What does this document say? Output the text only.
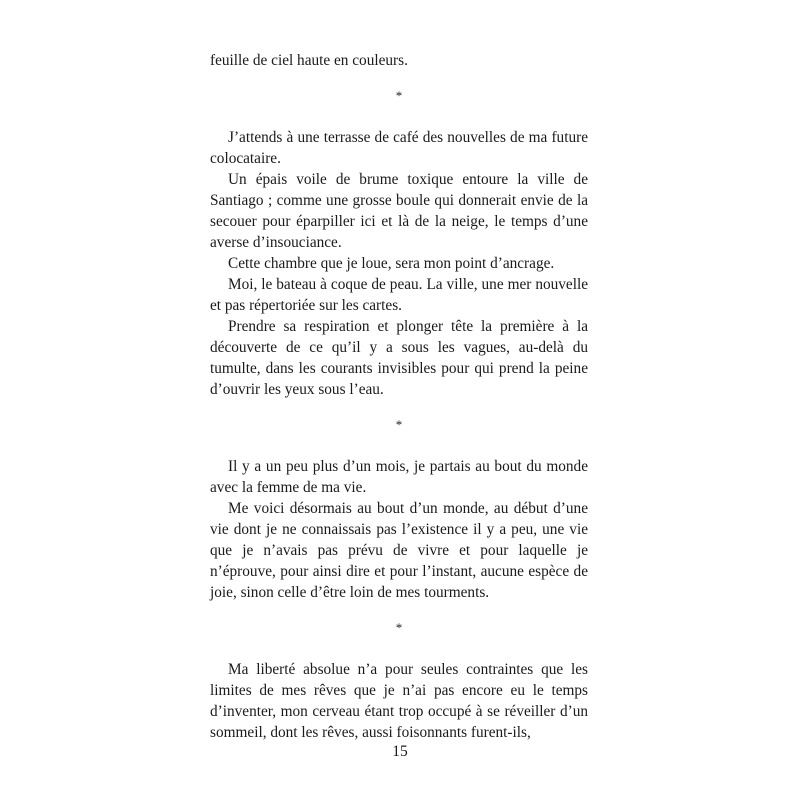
feuille de ciel haute en couleurs.

*

J’attends à une terrasse de café des nouvelles de ma future colocataire.

Un épais voile de brume toxique entoure la ville de Santiago ; comme une grosse boule qui donnerait envie de la secouer pour éparpiller ici et là de la neige, le temps d’une averse d’insouciance.

Cette chambre que je loue, sera mon point d’ancrage.

Moi, le bateau à coque de peau. La ville, une mer nouvelle et pas répertoriée sur les cartes.

Prendre sa respiration et plonger tête la première à la découverte de ce qu’il y a sous les vagues, au-delà du tumulte, dans les courants invisibles pour qui prend la peine d’ouvrir les yeux sous l’eau.

*

Il y a un peu plus d’un mois, je partais au bout du monde avec la femme de ma vie.

Me voici désormais au bout d’un monde, au début d’une vie dont je ne connaissais pas l’existence il y a peu, une vie que je n’avais pas prévu de vivre et pour laquelle je n’éprouve, pour ainsi dire et pour l’instant, aucune espèce de joie, sinon celle d’être loin de mes tourments.

*

Ma liberté absolue n’a pour seules contraintes que les limites de mes rêves que je n’ai pas encore eu le temps d’inventer, mon cerveau étant trop occupé à se réveiller d’un sommeil, dont les rêves, aussi foisonnants furent-ils,

15
